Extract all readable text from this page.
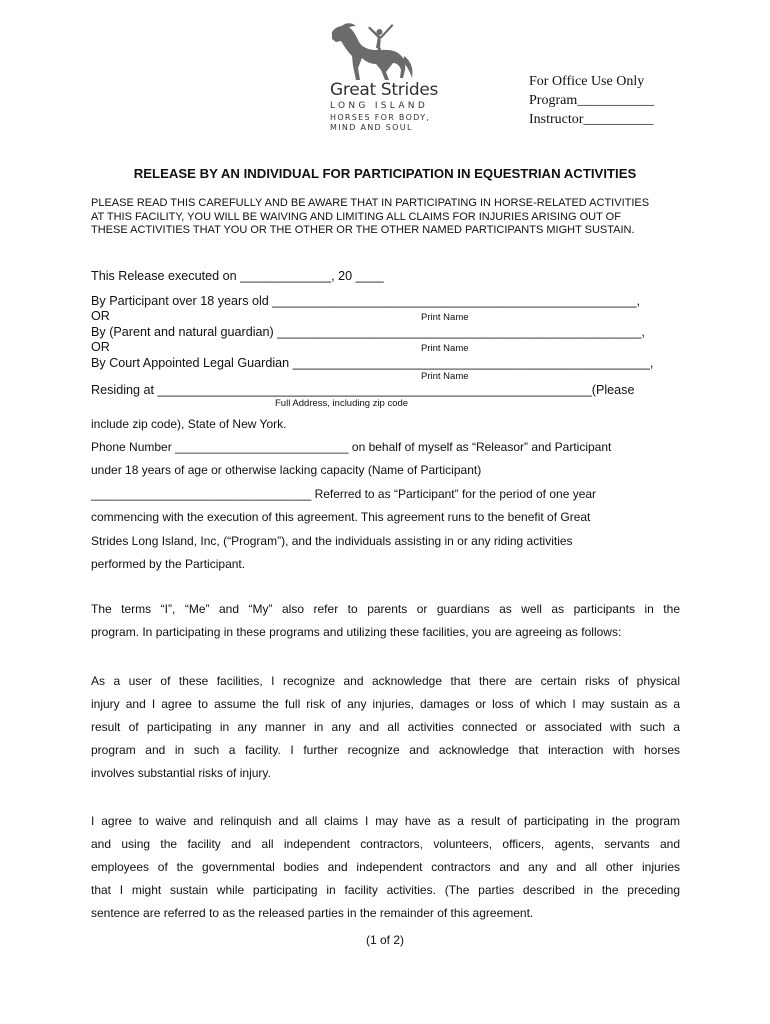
Great Strides
LONG ISLAND
HORSES FOR BODY, MIND AND SOUL
For Office Use Only
Program___________
Instructor__________
RELEASE BY AN INDIVIDUAL FOR PARTICIPATION IN EQUESTRIAN ACTIVITIES
PLEASE READ THIS CAREFULLY AND BE AWARE THAT IN PARTICIPATING IN HORSE-RELATED ACTIVITIES AT THIS FACILITY, YOU WILL BE WAIVING AND LIMITING ALL CLAIMS FOR INJURIES ARISING OUT OF THESE ACTIVITIES THAT YOU OR THE OTHER OR THE OTHER NAMED PARTICIPANTS MIGHT SUSTAIN.
This Release executed on _____________, 20 ____
By Participant over 18 years old ____________________________________________________,
OR	Print Name
By (Parent and natural guardian) ____________________________________________________,
OR	Print Name
By Court Appointed Legal Guardian ___________________________________________________,
Print Name
Residing at ______________________________________________________________(Please
Full Address, including zip code
include zip code), State of New York.
Phone Number __________________________ on behalf of myself as “Releasor” and Participant
under 18 years of age or otherwise lacking capacity (Name of Participant)
_________________________________ Referred to as “Participant” for the period of one year
commencing with the execution of this agreement. This agreement runs to the benefit of Great
Strides Long Island, Inc, (“Program”), and the individuals assisting in or any riding activities
performed by the Participant.
The terms “I”, “Me” and “My” also refer to parents or guardians as well as participants in the
program. In participating in these programs and utilizing these facilities, you are agreeing as follows:
As a user of these facilities, I recognize and acknowledge that there are certain risks of physical
injury and I agree to assume the full risk of any injuries, damages or loss of which I may sustain as a
result of participating in any manner in any and all activities connected or associated with such a
program and in such a facility. I further recognize and acknowledge that interaction with horses
involves substantial risks of injury.
I agree to waive and relinquish and all claims I may have as a result of participating in the program
and using the facility and all independent contractors, volunteers, officers, agents, servants and
employees of the governmental bodies and independent contractors and any and all other injuries
that I might sustain while participating in facility activities. (The parties described in the preceding
sentence are referred to as the released parties in the remainder of this agreement.
(1 of 2)
